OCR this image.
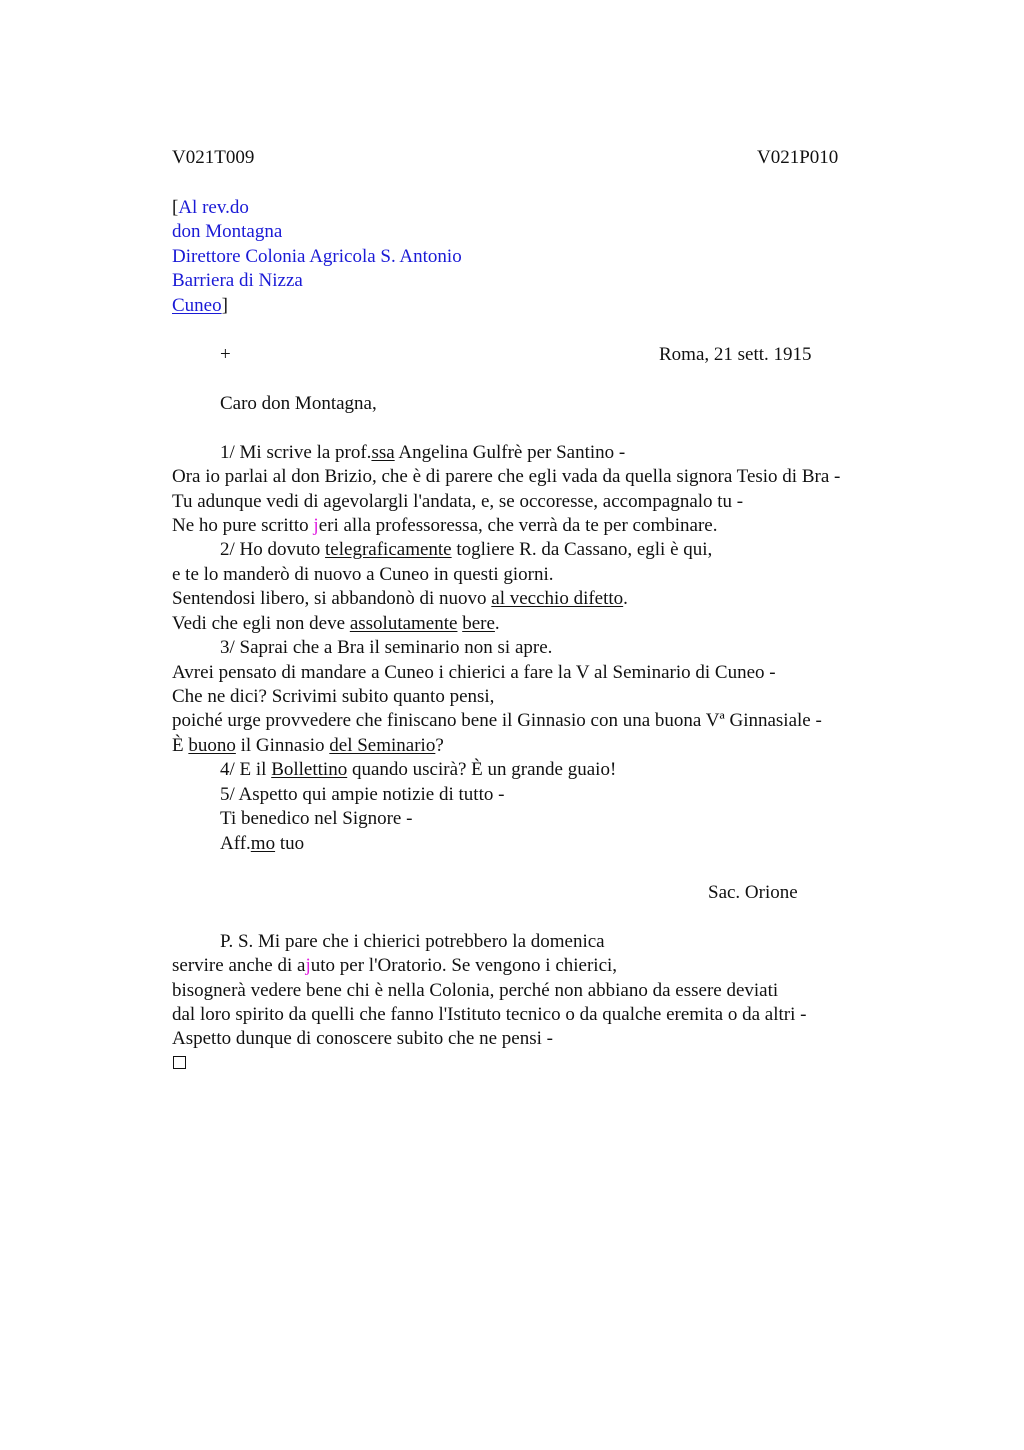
V021T009	V021P010
[Al rev.do
don Montagna
Direttore Colonia Agricola S. Antonio
Barriera di Nizza
Cuneo]
+	Roma, 21 sett. 1915
Caro don Montagna,
1/ Mi scrive la prof.ssa Angelina Gulfrè per Santino -
Ora io parlai al don Brizio, che è di parere che egli vada da quella signora Tesio di Bra -
Tu adunque vedi di agevolargli l'andata, e, se occoresse, accompagnalo tu -
Ne ho pure scritto jeri alla professoressa, che verrà da te per combinare.
2/ Ho dovuto telegraficamente togliere R. da Cassano, egli è qui,
e te lo manderò di nuovo a Cuneo in questi giorni.
Sentendosi libero, si abbandonò di nuovo al vecchio difetto.
Vedi che egli non deve assolutamente bere.
3/ Saprai che a Bra il seminario non si apre.
Avrei pensato di mandare a Cuneo i chierici a fare la V al Seminario di Cuneo -
Che ne dici? Scrivimi subito quanto pensi,
poiché urge provvedere che finiscano bene il Ginnasio con una buona Vª Ginnasiale -
È buono il Ginnasio del Seminario?
4/ E il Bollettino quando uscirà? È un grande guaio!
5/ Aspetto qui ampie notizie di tutto -
Ti benedico nel Signore -
Aff.mo tuo
Sac. Orione
P. S. Mi pare che i chierici potrebbero la domenica
servire anche di ajuto per l'Oratorio. Se vengono i chierici,
bisognerà vedere bene chi è nella Colonia, perché non abbiano da essere deviati
dal loro spirito da quelli che fanno l'Istituto tecnico o da qualche eremita o da altri -
Aspetto dunque di conoscere subito che ne pensi -
